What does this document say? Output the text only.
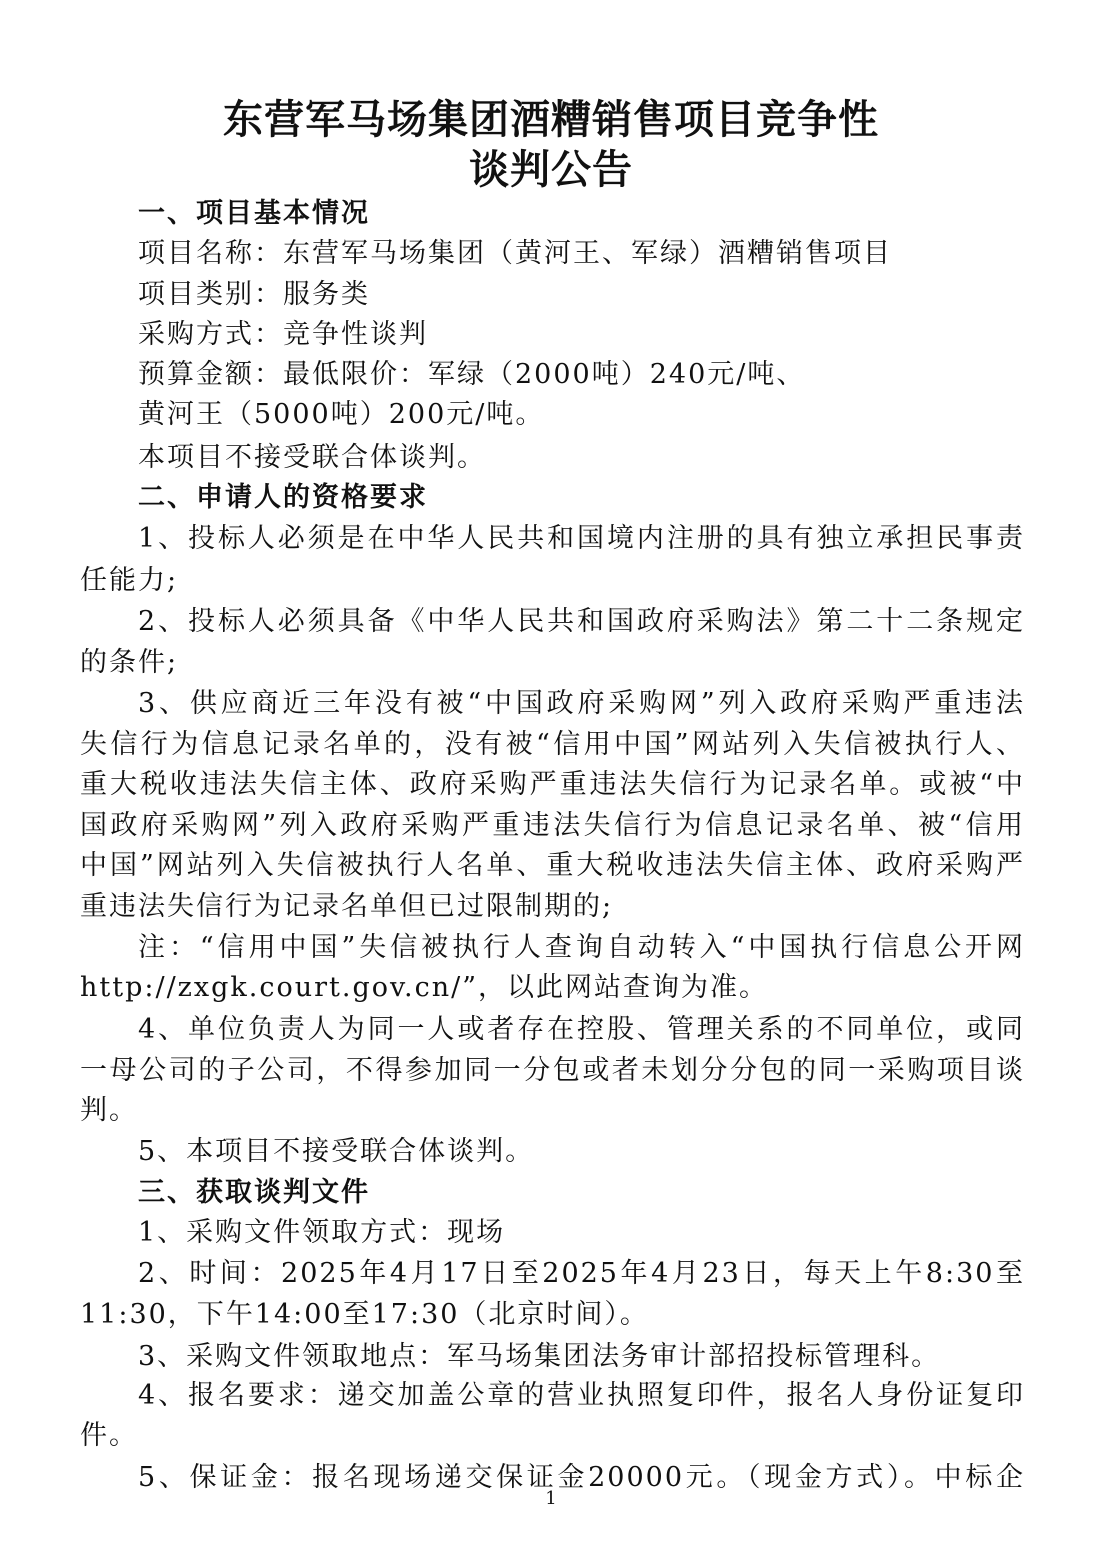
东营军马场集团酒糟销售项目竞争性
谈判公告
一、项目基本情况
项目名称：东营军马场集团（黄河王、军绿）酒糟销售项目
项目类别：服务类
采购方式：竞争性谈判
预算金额：最低限价：军绿（2000吨）240元/吨、
黄河王（5000吨）200元/吨。
本项目不接受联合体谈判。
二、申请人的资格要求
1、投标人必须是在中华人民共和国境内注册的具有独立承担民事责
任能力;
2、投标人必须具备《中华人民共和国政府采购法》第二十二条规定
的条件;
3、供应商近三年没有被“中国政府采购网”列入政府采购严重违法
失信行为信息记录名单的，没有被“信用中国”网站列入失信被执行人、
重大税收违法失信主体、政府采购严重违法失信行为记录名单。或被“中
国政府采购网”列入政府采购严重违法失信行为信息记录名单、被“信用
中国”网站列入失信被执行人名单、重大税收违法失信主体、政府采购严
重违法失信行为记录名单但已过限制期的;
注：“信用中国”失信被执行人查询自动转入“中国执行信息公开网
http://zxgk.court.gov.cn/”，以此网站查询为准。
4、单位负责人为同一人或者存在控股、管理关系的不同单位，或同
一母公司的子公司，不得参加同一分包或者未划分分包的同一采购项目谈
判。
5、本项目不接受联合体谈判。
三、获取谈判文件
1、采购文件领取方式：现场
2、时间：2025年4月17日至2025年4月23日，每天上午8:30至
11:30，下午14:00至17:30（北京时间）。
3、采购文件领取地点：军马场集团法务审计部招投标管理科。
4、报名要求：递交加盖公章的营业执照复印件，报名人身份证复印
件。
5、保证金：报名现场递交保证金20000元。（现金方式）。中标企
1
